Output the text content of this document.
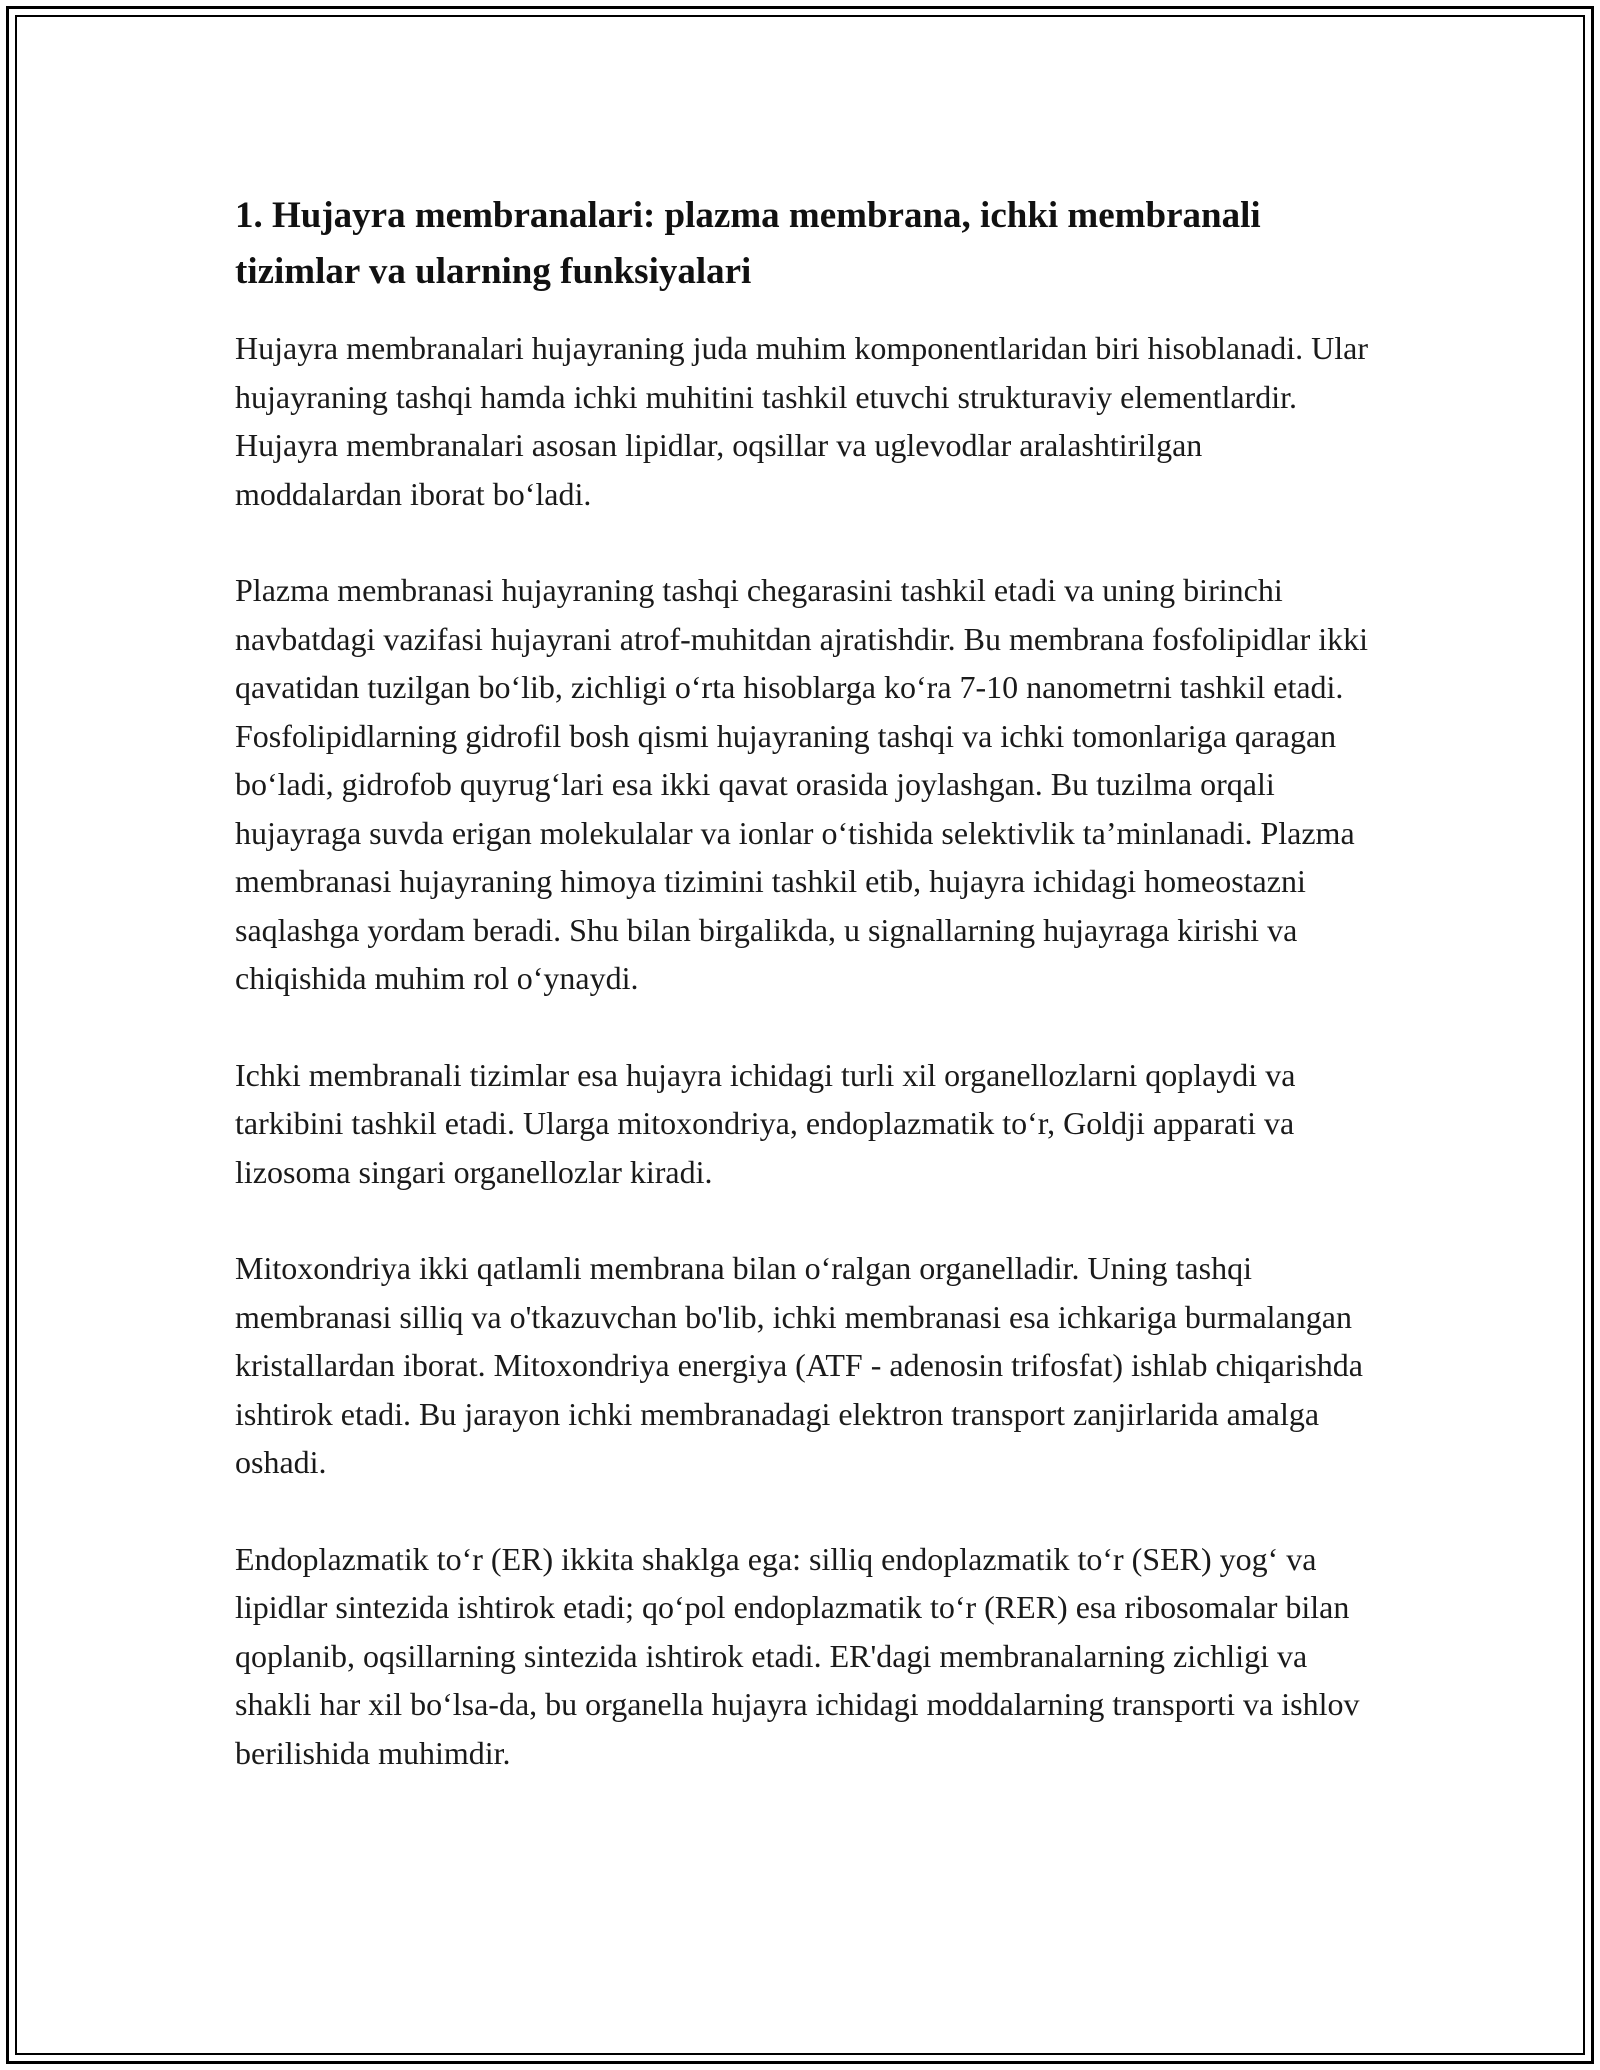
1. Hujayra membranalari: plazma membrana, ichki membranali tizimlar va ularning funksiyalari

Hujayra membranalari hujayraning juda muhim komponentlaridan biri hisoblanadi. Ular hujayraning tashqi hamda ichki muhitini tashkil etuvchi strukturaviy elementlardir. Hujayra membranalari asosan lipidlar, oqsillar va uglevodlar aralashtirilgan moddalardan iborat bo‘ladi.

Plazma membranasi hujayraning tashqi chegarasini tashkil etadi va uning birinchi navbatdagi vazifasi hujayrani atrof-muhitdan ajratishdir. Bu membrana fosfolipidlar ikki qavatidan tuzilgan bo‘lib, zichligi o‘rta hisoblarga ko‘ra 7-10 nanometrni tashkil etadi. Fosfolipidlarning gidrofil bosh qismi hujayraning tashqi va ichki tomonlariga qaragan bo‘ladi, gidrofob quyrug‘lari esa ikki qavat orasida joylashgan. Bu tuzilma orqali hujayraga suvda erigan molekulalar va ionlar o‘tishida selektivlik ta’minlanadi. Plazma membranasi hujayraning himoya tizimini tashkil etib, hujayra ichidagi homeostazni saqlashga yordam beradi. Shu bilan birgalikda, u signallarning hujayraga kirishi va chiqishida muhim rol o‘ynaydi.

Ichki membranali tizimlar esa hujayra ichidagi turli xil organellozlarni qoplaydi va tarkibini tashkil etadi. Ularga mitoxondriya, endoplazmatik to‘r, Goldji apparati va lizosoma singari organellozlar kiradi.

Mitoxondriya ikki qatlamli membrana bilan o‘ralgan organelladir. Uning tashqi membranasi silliq va o'tkazuvchan bo'lib, ichki membranasi esa ichkariga burmalangan kristallardan iborat. Mitoxondriya energiya (ATF - adenosin trifosfat) ishlab chiqarishda ishtirok etadi. Bu jarayon ichki membranadagi elektron transport zanjirlarida amalga oshadi.

Endoplazmatik to‘r (ER) ikkita shaklga ega: silliq endoplazmatik to‘r (SER) yog‘ va lipidlar sintezida ishtirok etadi; qo‘pol endoplazmatik to‘r (RER) esa ribosomalar bilan qoplanib, oqsillarning sintezida ishtirok etadi. ER'dagi membranalarning zichligi va shakli har xil bo‘lsa-da, bu organella hujayra ichidagi moddalarning transporti va ishlov berilishida muhimdir.
